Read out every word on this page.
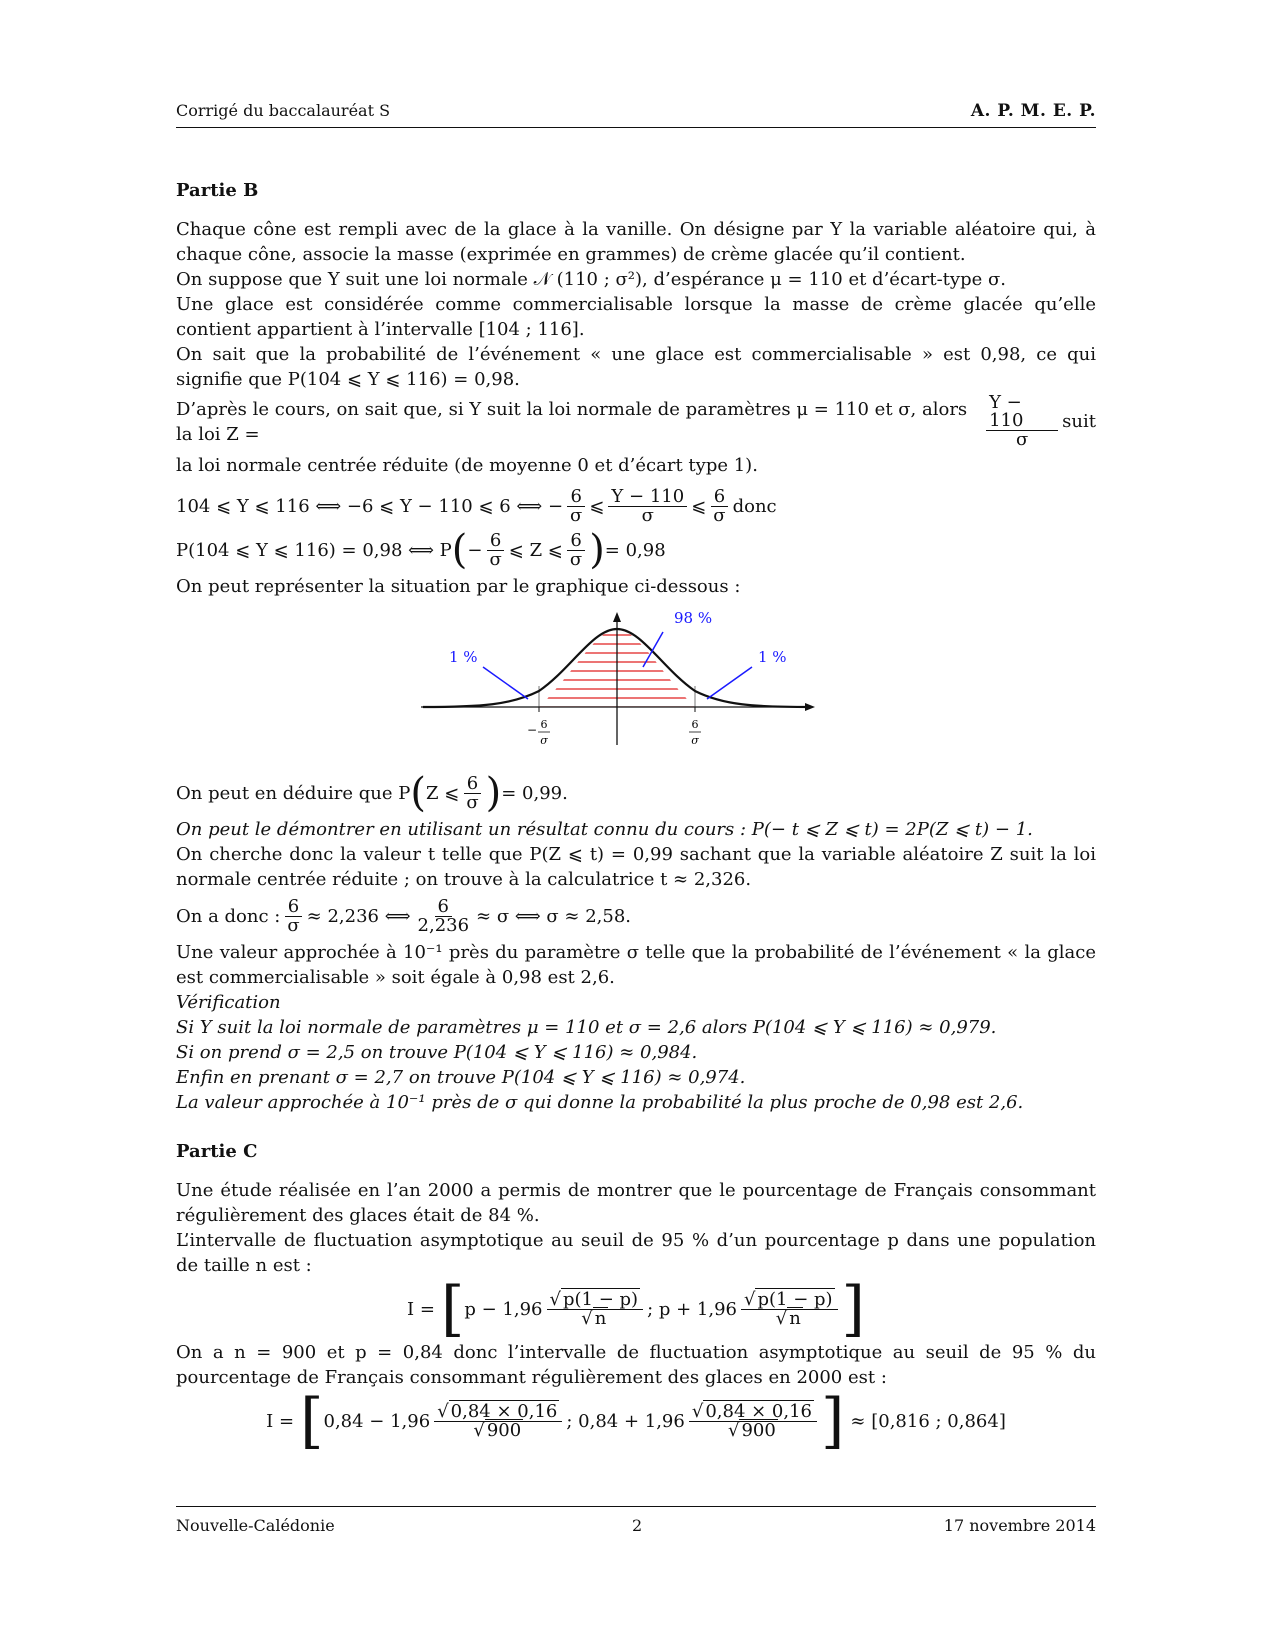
Corrigé du baccalauréat S	A. P. M. E. P.
Partie B

Chaque cône est rempli avec de la glace à la vanille. On désigne par Y la variable aléatoire qui, à chaque cône, associe la masse (exprimée en grammes) de crème glacée qu’il contient.

On suppose que Y suit une loi normale 𝒩 (110 ; σ²), d’espérance μ = 110 et d’écart-type σ.

Une glace est considérée comme commercialisable lorsque la masse de crème glacée qu’elle contient appartient à l’intervalle [104 ; 116].

On sait que la probabilité de l’événement « une glace est commercialisable » est 0,98, ce qui signifie que P(104 ⩽ Y ⩽ 116) = 0,98.

D’après le cours, on sait que, si Y suit la loi normale de paramètres μ = 110 et σ, alors la loi Z =	$\frac{Y - 110}{\sigma}$ suit

la loi normale centrée réduite (de moyenne 0 et d’écart type 1).

104 ⩽ Y ⩽ 116 ⟺ −6 ⩽ Y − 110 ⩽ 6 ⟺ − $\frac{6}{\sigma}$ ⩽ $\frac{Y - 110}{\sigma}$ ⩽ $\frac{6}{\sigma}$ donc
P(104 ⩽ Y ⩽ 116) = 0,98 ⟺ P ( − $\frac{6}{\sigma}$ ⩽ Z ⩽ $\frac{6}{\sigma}$ ) = 0,98

On peut représenter la situation par le graphique ci-dessous :

98 %
1 %	1 %
− 6
σ
6
σ
On peut en déduire que P ( Z ⩽ $\frac{6}{\sigma}$ ) = 0,99.

On peut le démontrer en utilisant un résultat connu du cours : P(− t ⩽ Z ⩽ t) = 2P(Z ⩽ t) − 1.

On cherche donc la valeur t telle que P(Z ⩽ t) = 0,99 sachant que la variable aléatoire Z suit la loi normale centrée réduite ; on trouve à la calculatrice t ≈ 2,326.

On a donc : $\frac{6}{\sigma} \approx 2,236$ ⟺ $\frac{6}{2,236} \approx \sigma$ ⟺ σ ≈ 2,58.

Une valeur approchée à 10⁻¹ près du paramètre σ telle que la probabilité de l’événement « la glace est commercialisable » soit égale à 0,98 est 2,6.

Vérification

Si Y suit la loi normale de paramètres μ = 110 et σ = 2,6 alors P(104 ⩽ Y ⩽ 116) ≈ 0,979.

Si on prend σ = 2,5 on trouve P(104 ⩽ Y ⩽ 116) ≈ 0,984.

Enfin en prenant σ = 2,7 on trouve P(104 ⩽ Y ⩽ 116) ≈ 0,974.

La valeur approchée à 10⁻¹ près de σ qui donne la probabilité la plus proche de 0,98 est 2,6.

Partie C

Une étude réalisée en l’an 2000 a permis de montrer que le pourcentage de Français consommant régulièrement des glaces était de 84 %.

L’intervalle de fluctuation asymptotique au seuil de 95 % d’un pourcentage p dans une population de taille n est :

I = [ $p - 1,96 \frac{√ p(1 - p)}{√ n}$ ; $p + 1,96 \frac{√ p(1 - p)}{√ n}$ ]

On a n = 900 et p = 0,84 donc l’intervalle de fluctuation asymptotique au seuil de 95 % du pourcentage de Français consommant régulièrement des glaces en 2000 est :

I = [ $0,84 - 1,96 \frac{√ 0,84 \times 0,16}{√ 900}$ ; $0,84 + 1,96 \frac{√ 0,84 \times 0,16}{√ 900}$ ] ≈ [0,816 ; 0,864]
Nouvelle-Calédonie	2	17 novembre 2014
